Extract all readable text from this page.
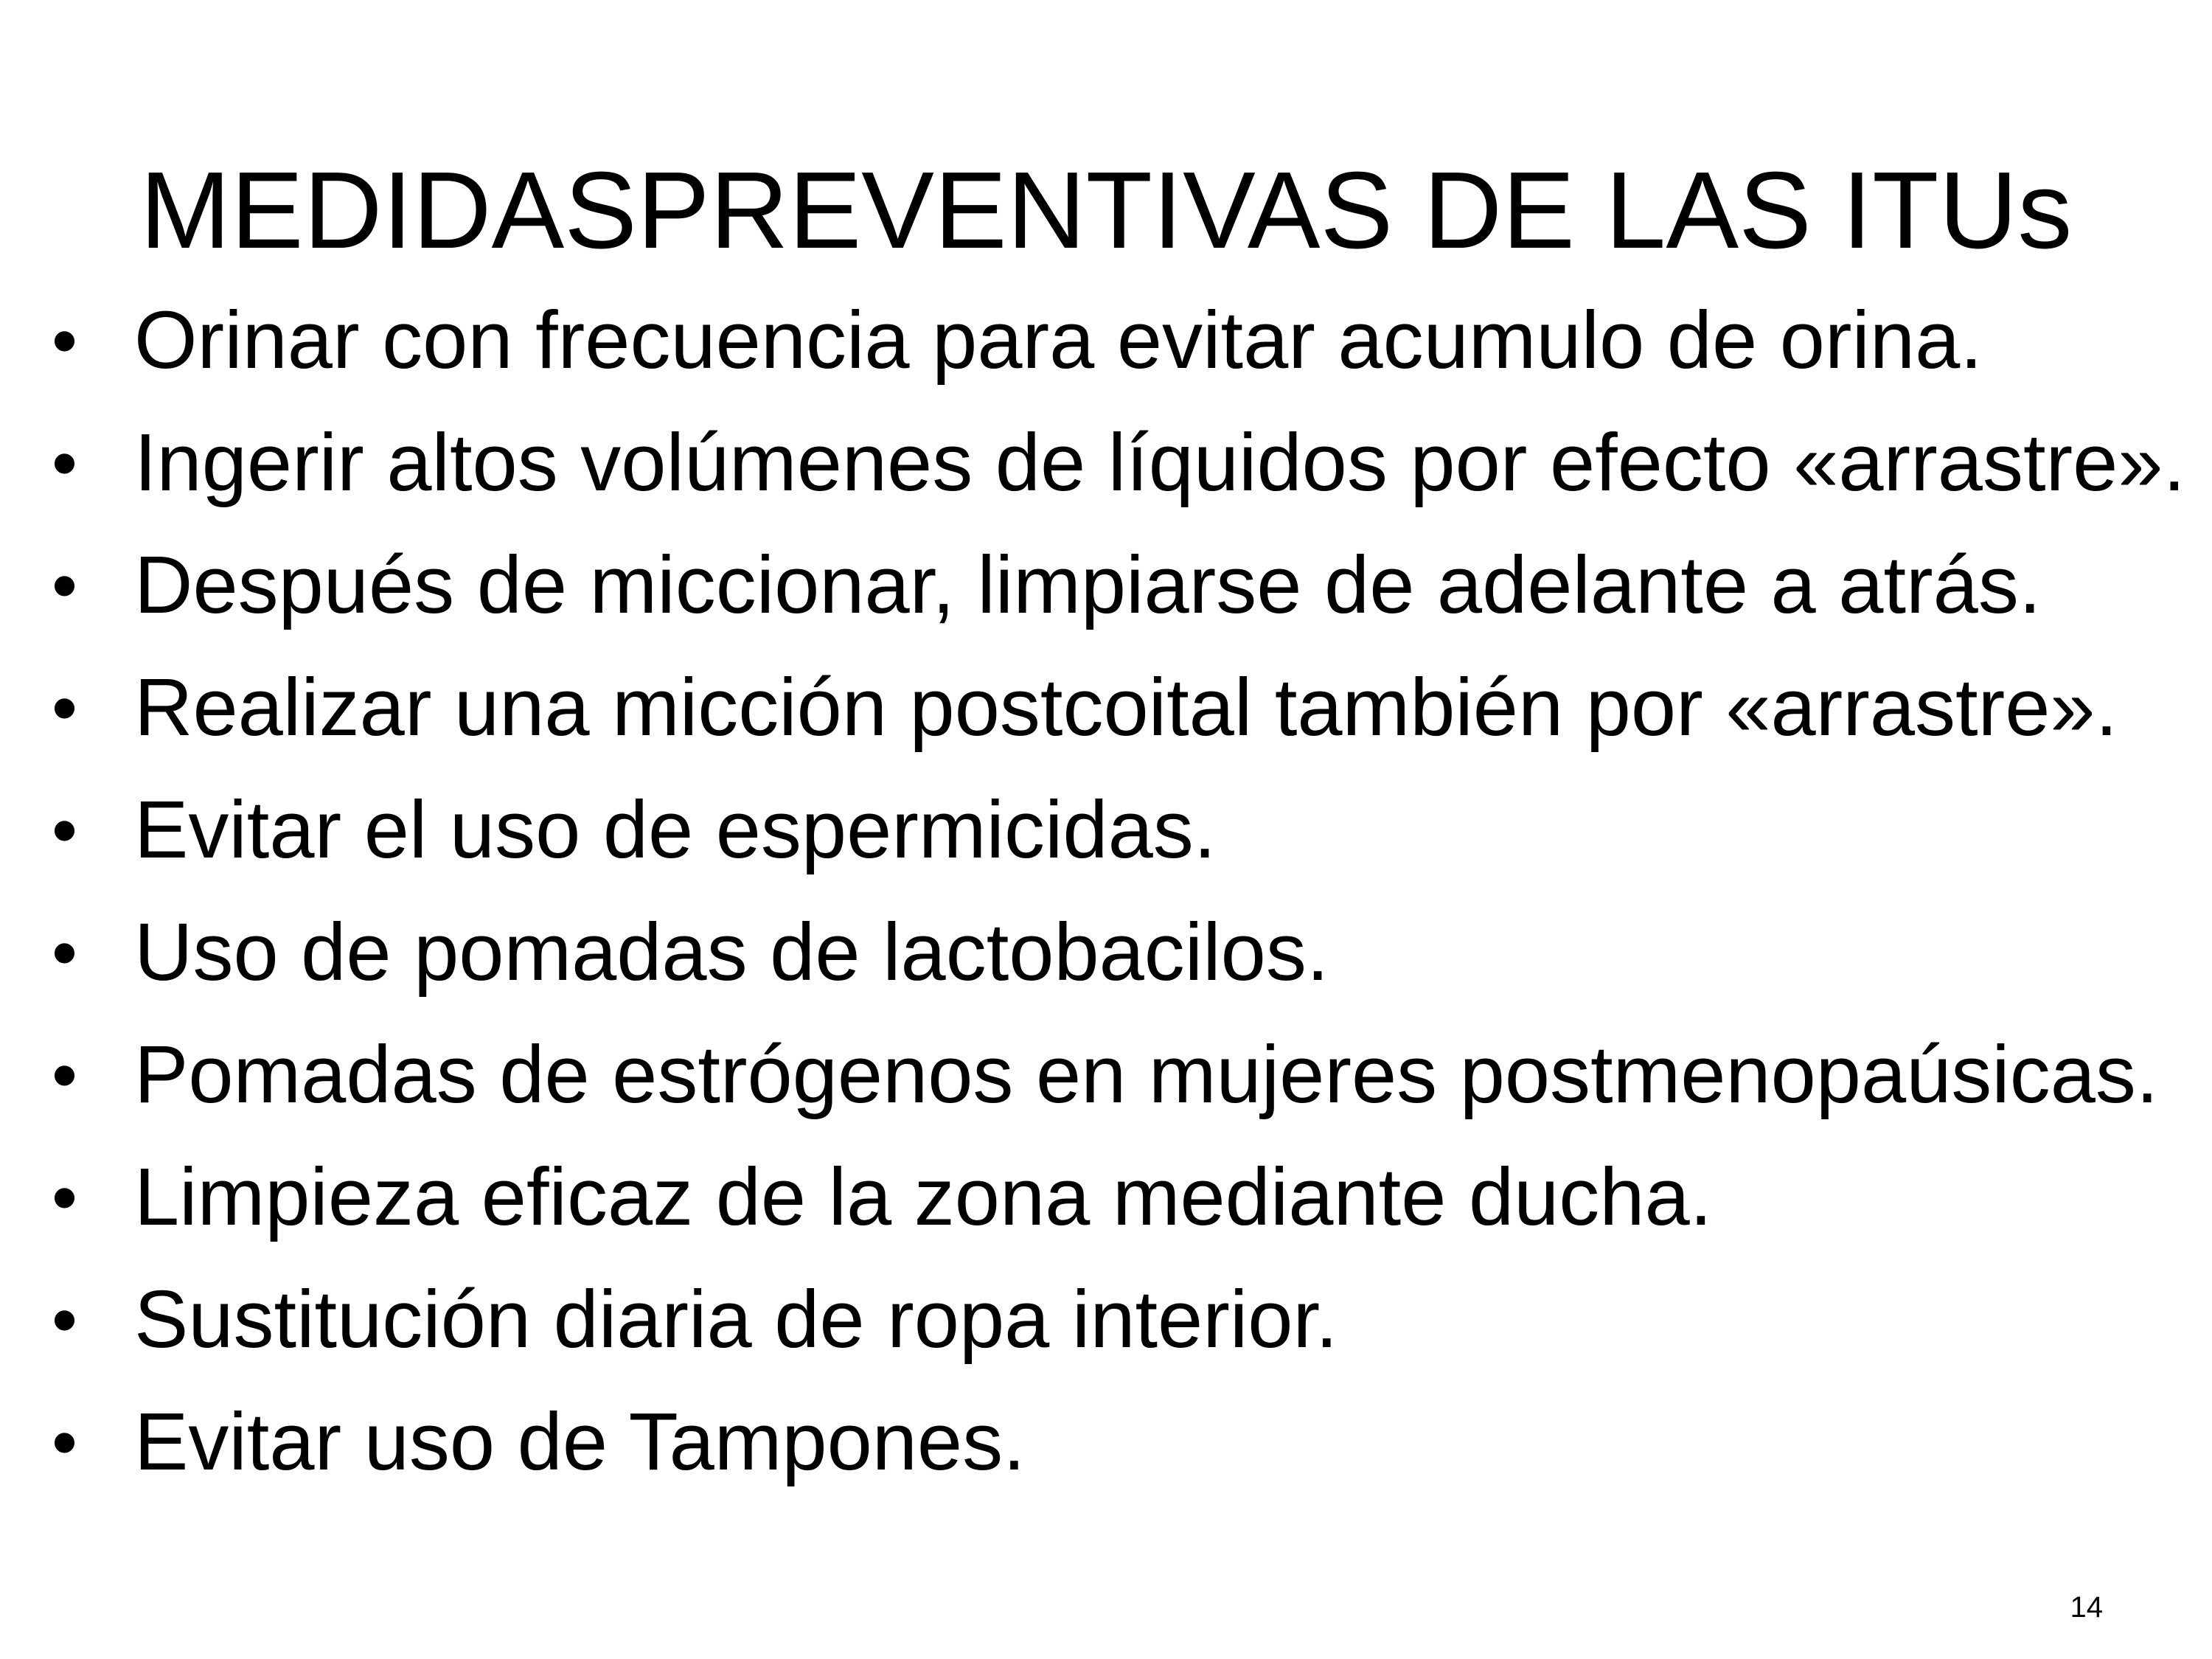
MEDIDASPREVENTIVAS DE LAS ITUs
• Orinar con frecuencia para evitar acumulo de orina.
• Ingerir altos volúmenes de líquidos por efecto «arrastre».
• Después de miccionar, limpiarse de adelante a atrás.
• Realizar una micción postcoital también por «arrastre».
• Evitar el uso de espermicidas.
• Uso de pomadas de lactobacilos.
• Pomadas de estrógenos en mujeres postmenopaúsicas.
• Limpieza eficaz de la zona mediante ducha.
• Sustitución diaria de ropa interior.
• Evitar uso de Tampones.
14
